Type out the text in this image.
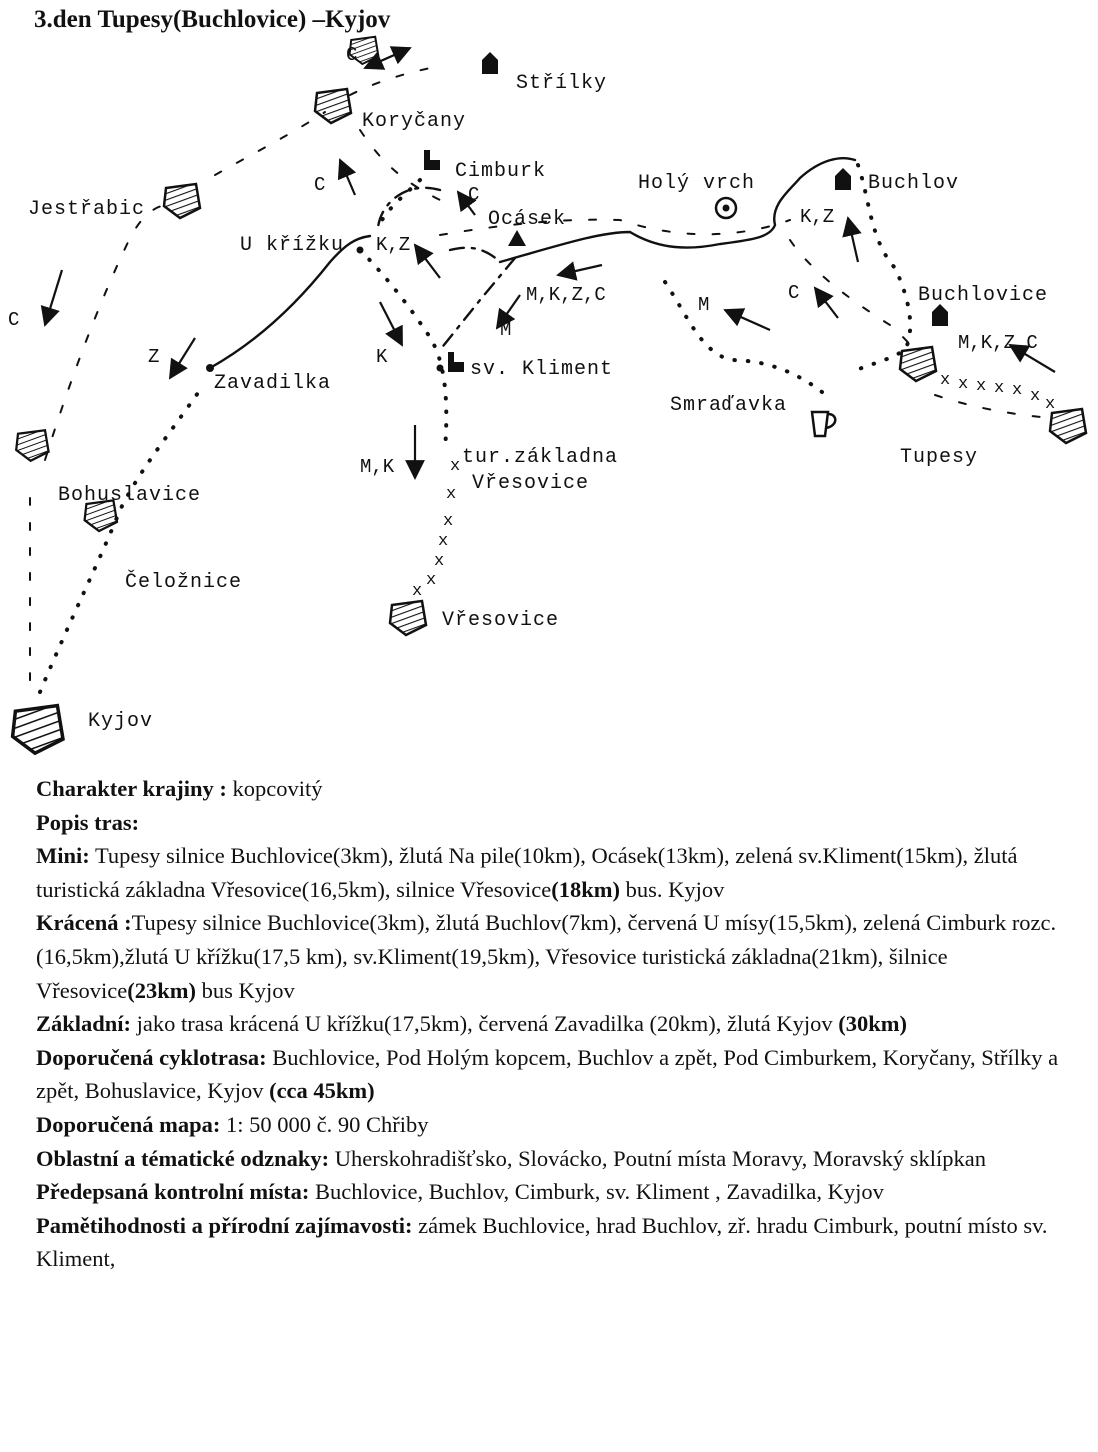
3.den Tupesy(Buchlovice) –Kyjov
x
x
x
x
x
x
x
x x x x x x x
Střílky
Koryčany
Cimburk
Holý vrch	Buchlov
Jestřabic	Ocásek
U křížku
Buchlovice
Zavadilka
sv. Kliment
Smraďavka
Tupesy
tur.základna
Vřesovice
Bohuslavice
Čeložnice
Vřesovice
Kyjov
C
C	C
C
C
K,Z
K,Z
M,K,Z,C
M,K,Z,C
M
M
Z	K
M,K

Charakter krajiny : kopcovitý

Popis tras:

Mini: Tupesy silnice Buchlovice(3km), žlutá Na pile(10km), Ocásek(13km), zelená sv.Kliment(15km), žlutá turistická základna Vřesovice(16,5km), silnice Vřesovice(18km) bus. Kyjov

Krácená :Tupesy silnice Buchlovice(3km), žlutá Buchlov(7km), červená U mísy(15,5km), zelená Cimburk rozc.(16,5km),žlutá U křížku(17,5 km), sv.Kliment(19,5km), Vřesovice turistická základna(21km), šilnice Vřesovice(23km) bus Kyjov

Základní: jako trasa krácená U křížku(17,5km), červená Zavadilka (20km), žlutá Kyjov (30km)

Doporučená cyklotrasa: Buchlovice, Pod Holým kopcem, Buchlov a zpět, Pod Cimburkem, Koryčany, Střílky a zpět, Bohuslavice, Kyjov (cca 45km)

Doporučená mapa: 1: 50 000 č. 90 Chřiby

Oblastní a tématické odznaky: Uherskohradišťsko, Slovácko, Poutní místa Moravy, Moravský sklípkan

Předepsaná kontrolní místa: Buchlovice, Buchlov, Cimburk, sv. Kliment , Zavadilka, Kyjov

Pamětihodnosti a přírodní zajímavosti: zámek Buchlovice, hrad Buchlov, zř. hradu Cimburk, poutní místo sv. Kliment,
